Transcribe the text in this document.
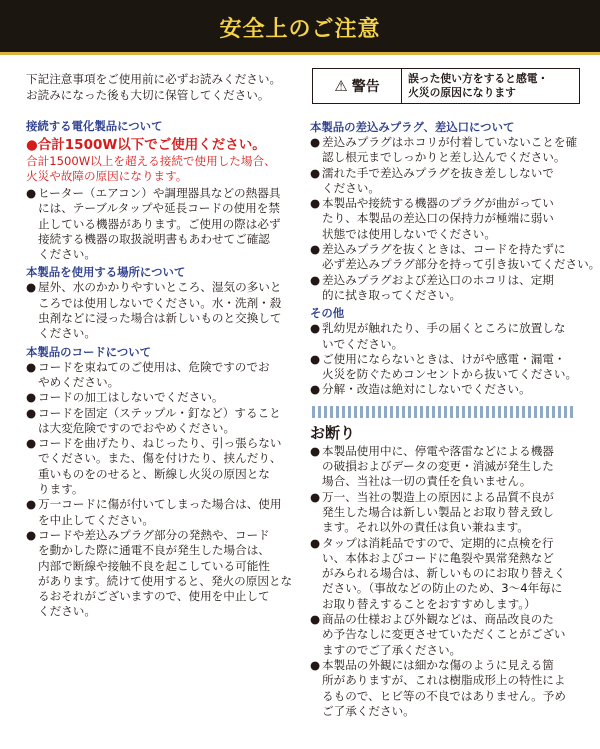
安全上のご注意
⚠ 警告
誤った使い方をすると感電・
火災の原因になります
下記注意事項をご使用前に必ずお読みください。
お読みになった後も大切に保管してください。
接続する電化製品について
●合計1500W以下でご使用ください。
合計1500W以上を超える接続で使用した場合、
火災や故障の原因になります。
● ヒーター（エアコン）や調理器具などの熱器具
には、テーブルタップや延長コードの使用を禁
止している機器があります。ご使用の際は必ず
接続する機器の取扱説明書もあわせてご確認
ください。
本製品を使用する場所について
● 屋外、水のかかりやすいところ、湿気の多いと
ころでは使用しないでください。水・洗剤・殺
虫剤などに浸った場合は新しいものと交換して
ください。
本製品のコードについて
● コードを束ねてのご使用は、危険ですのでお
やめください。
● コードの加工はしないでください。
● コードを固定（ステップル・釘など）すること
は大変危険ですのでおやめください。
● コードを曲げたり、ねじったり、引っ張らない
でください。また、傷を付けたり、挟んだり、
重いものをのせると、断線し火災の原因とな
ります。
● 万一コードに傷が付いてしまった場合は、使用
を中止してください。
● コードや差込みプラグ部分の発熱や、コード
を動かした際に通電不良が発生した場合は、
内部で断線や接触不良を起こしている可能性
があります。続けて使用すると、発火の原因とな
るおそれがございますので、使用を中止して
ください。
本製品の差込みプラグ、差込口について
● 差込みプラグはホコリが付着していないことを確
認し根元までしっかりと差し込んでください。
● 濡れた手で差込みプラグを抜き差ししないで
ください。
● 本製品や接続する機器のプラグが曲がってい
たり、本製品の差込口の保持力が極端に弱い
状態では使用しないでください。
● 差込みプラグを抜くときは、コードを持たずに
必ず差込みプラグ部分を持って引き抜いてください。
● 差込みプラグおよび差込口のホコリは、定期
的に拭き取ってください。
その他
● 乳幼児が触れたり、手の届くところに放置しな
いでください。
● ご使用にならないときは、けがや感電・漏電・
火災を防ぐためコンセントから抜いてください。
● 分解・改造は絶対にしないでください。
お断り
● 本製品使用中に、停電や落雷などによる機器
の破損およびデータの変更・消滅が発生した
場合、当社は一切の責任を負いません。
● 万一、当社の製造上の原因による品質不良が
発生した場合は新しい製品とお取り替え致し
ます。それ以外の責任は負い兼ねます。
● タップは消耗品ですので、定期的に点検を行
い、本体およびコードに亀裂や異常発熱など
がみられる場合は、新しいものにお取り替えく
ださい。（事故などの防止のため、3～4年毎に
お取り替えすることをおすすめします。）
● 商品の仕様および外観などは、商品改良のた
め予告なしに変更させていただくことがござい
ますのでご了承ください。
● 本製品の外観には細かな傷のように見える箇
所がありますが、これは樹脂成形上の特性によ
るもので、ヒビ等の不良ではありません。予め
ご了承ください。
